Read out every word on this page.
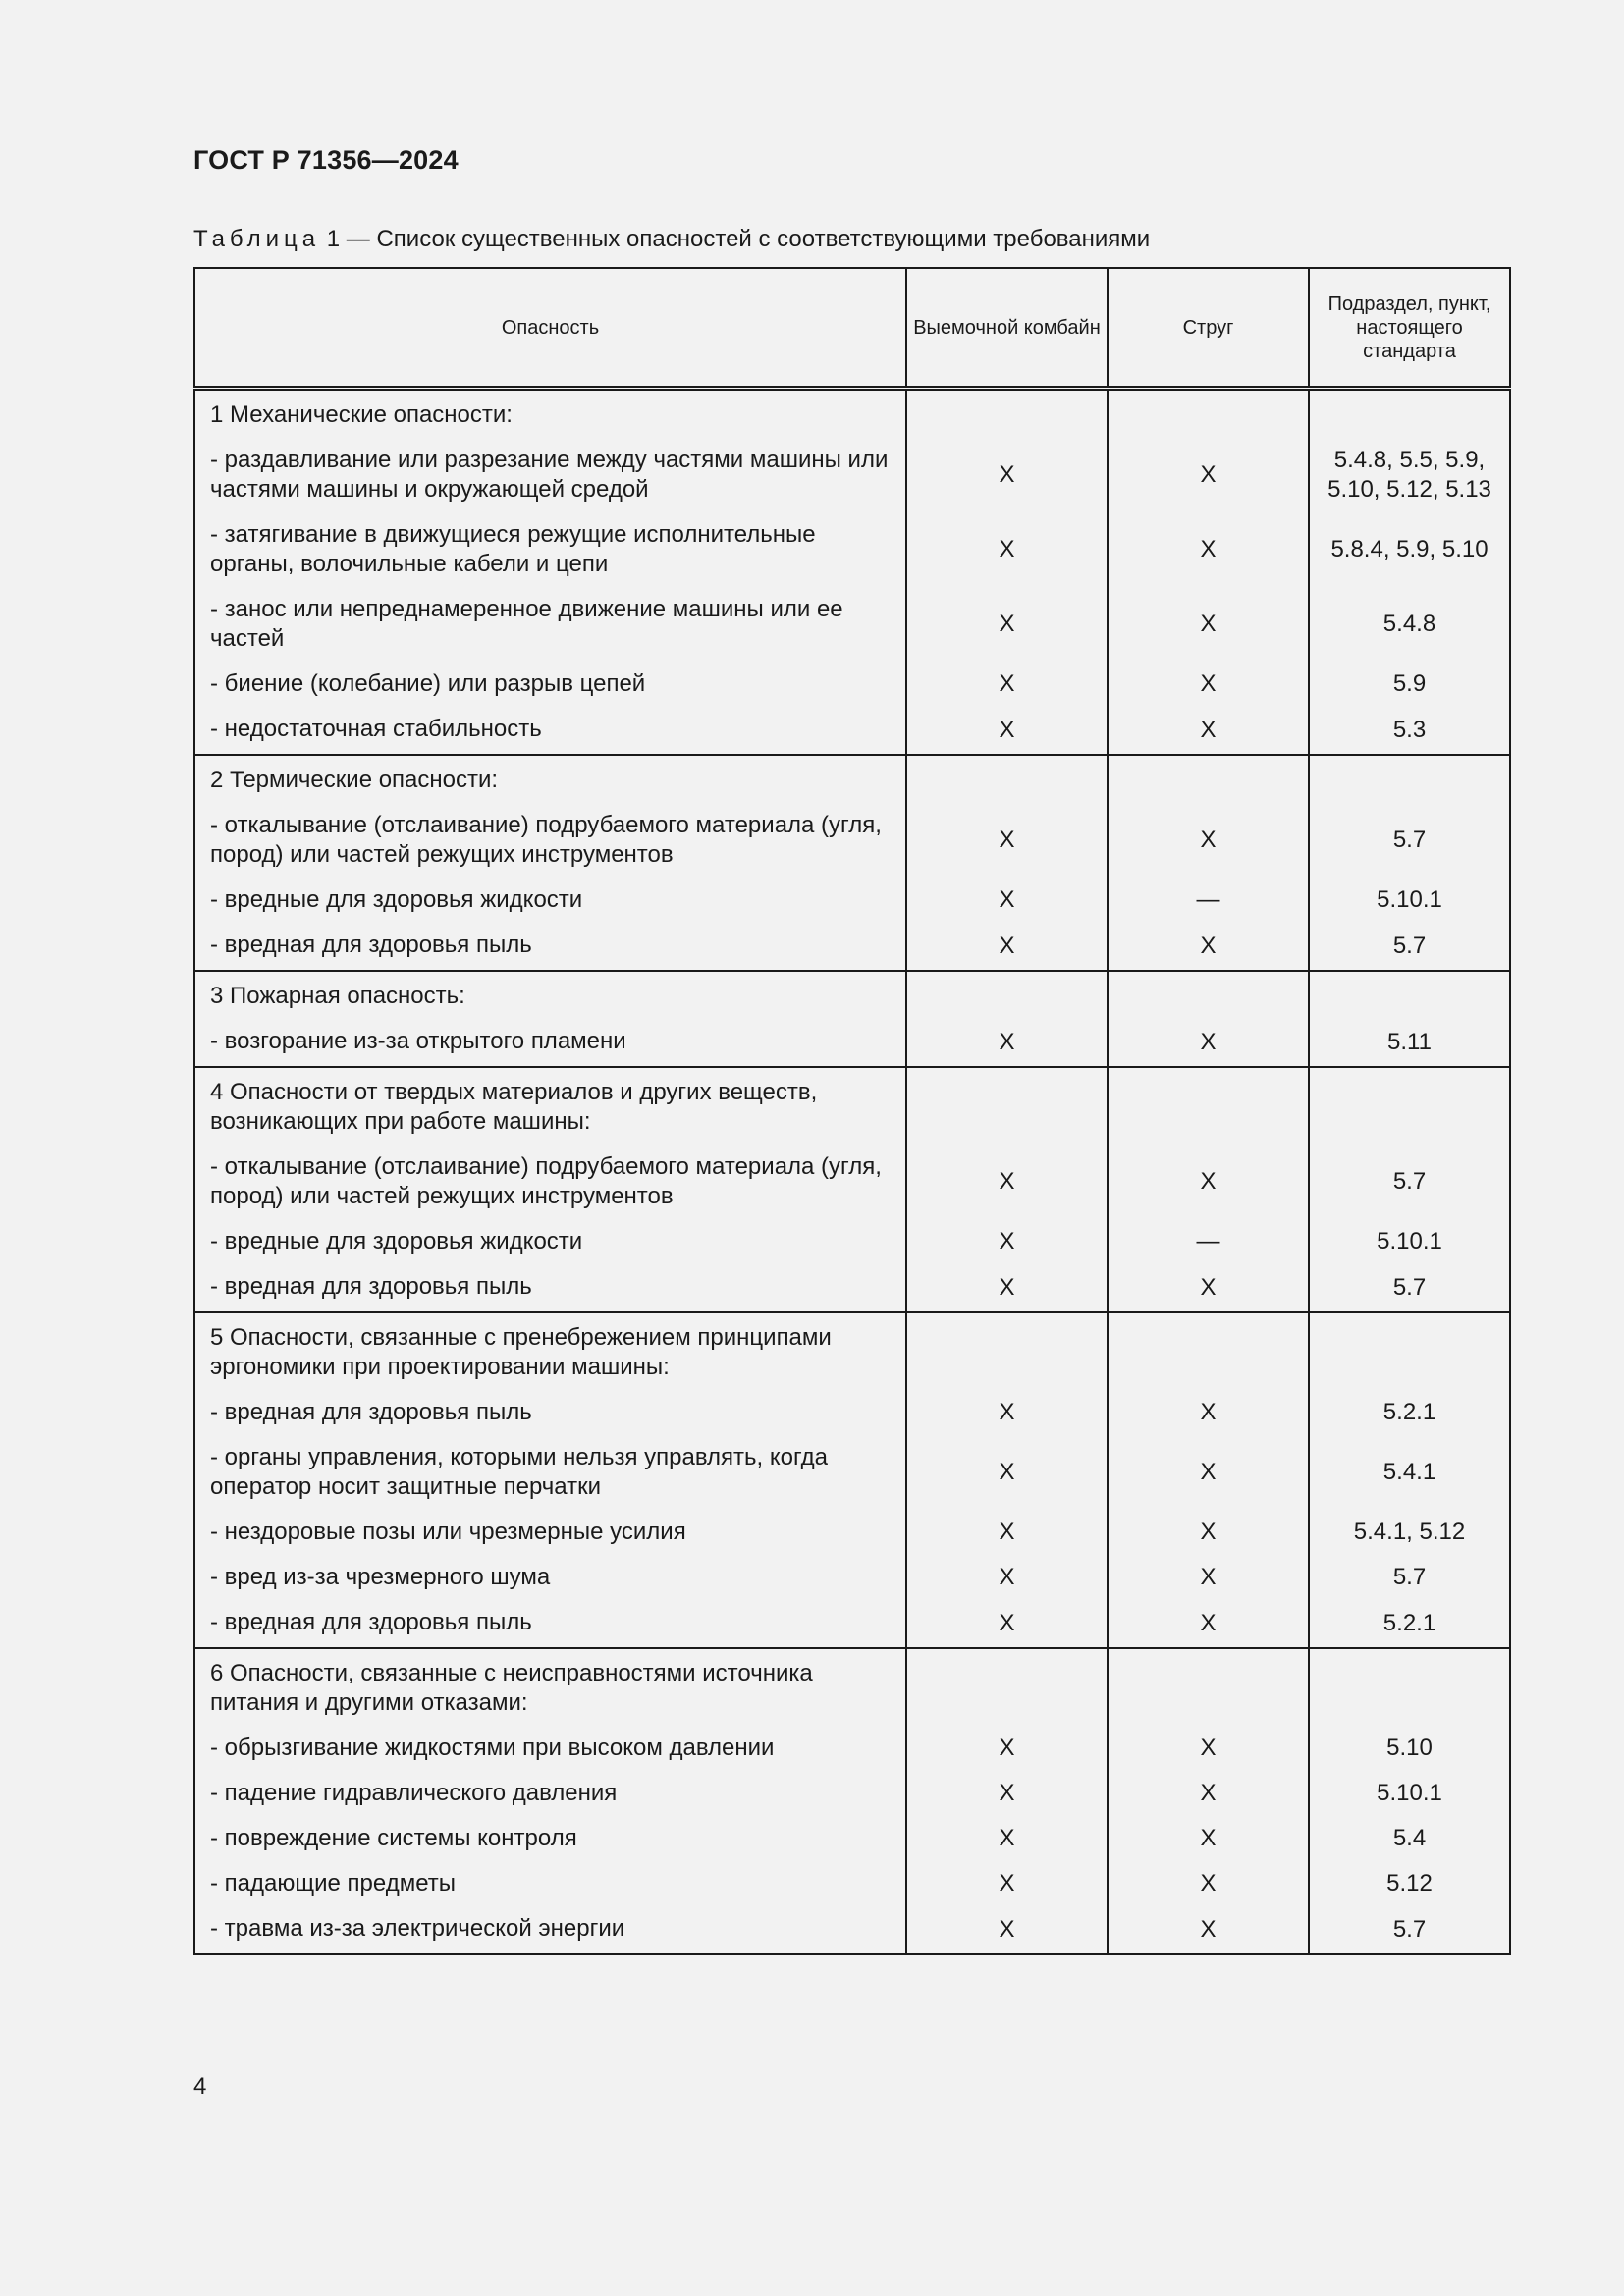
ГОСТ Р 71356—2024
Таблица 1 — Список существенных опасностей с соответствующими требованиями
Опасность	Выемочной комбайн	Струг	Подраздел, пункт, настоящего стандарта
1 Механические опасности:			
- раздавливание или разрезание между частями машины или частями машины и окружающей средой	X	X	5.4.8, 5.5, 5.9, 5.10, 5.12, 5.13
- затягивание в движущиеся режущие исполнительные органы, волочильные кабели и цепи	X	X	5.8.4, 5.9, 5.10
- занос или непреднамеренное движение машины или ее частей	X	X	5.4.8
- биение (колебание) или разрыв цепей	X	X	5.9
- недостаточная стабильность	X	X	5.3
2 Термические опасности:			
- откалывание (отслаивание) подрубаемого материала (угля, пород) или частей режущих инструментов	X	X	5.7
- вредные для здоровья жидкости	X	—	5.10.1
- вредная для здоровья пыль	X	X	5.7
3 Пожарная опасность:			
- возгорание из-за открытого пламени	X	X	5.11
4 Опасности от твердых материалов и других веществ, возникающих при работе машины:			
- откалывание (отслаивание) подрубаемого материала (угля, пород) или частей режущих инструментов	X	X	5.7
- вредные для здоровья жидкости	X	—	5.10.1
- вредная для здоровья пыль	X	X	5.7
5 Опасности, связанные с пренебрежением принципами эргономики при проектировании машины:			
- вредная для здоровья пыль	X	X	5.2.1
- органы управления, которыми нельзя управлять, когда оператор носит защитные перчатки	X	X	5.4.1
- нездоровые позы или чрезмерные усилия	X	X	5.4.1, 5.12
- вред из-за чрезмерного шума	X	X	5.7
- вредная для здоровья пыль	X	X	5.2.1
6 Опасности, связанные с неисправностями источника питания и другими отказами:			
- обрызгивание жидкостями при высоком давлении	X	X	5.10
- падение гидравлического давления	X	X	5.10.1
- повреждение системы контроля	X	X	5.4
- падающие предметы	X	X	5.12
- травма из-за электрической энергии	X	X	5.7
4
